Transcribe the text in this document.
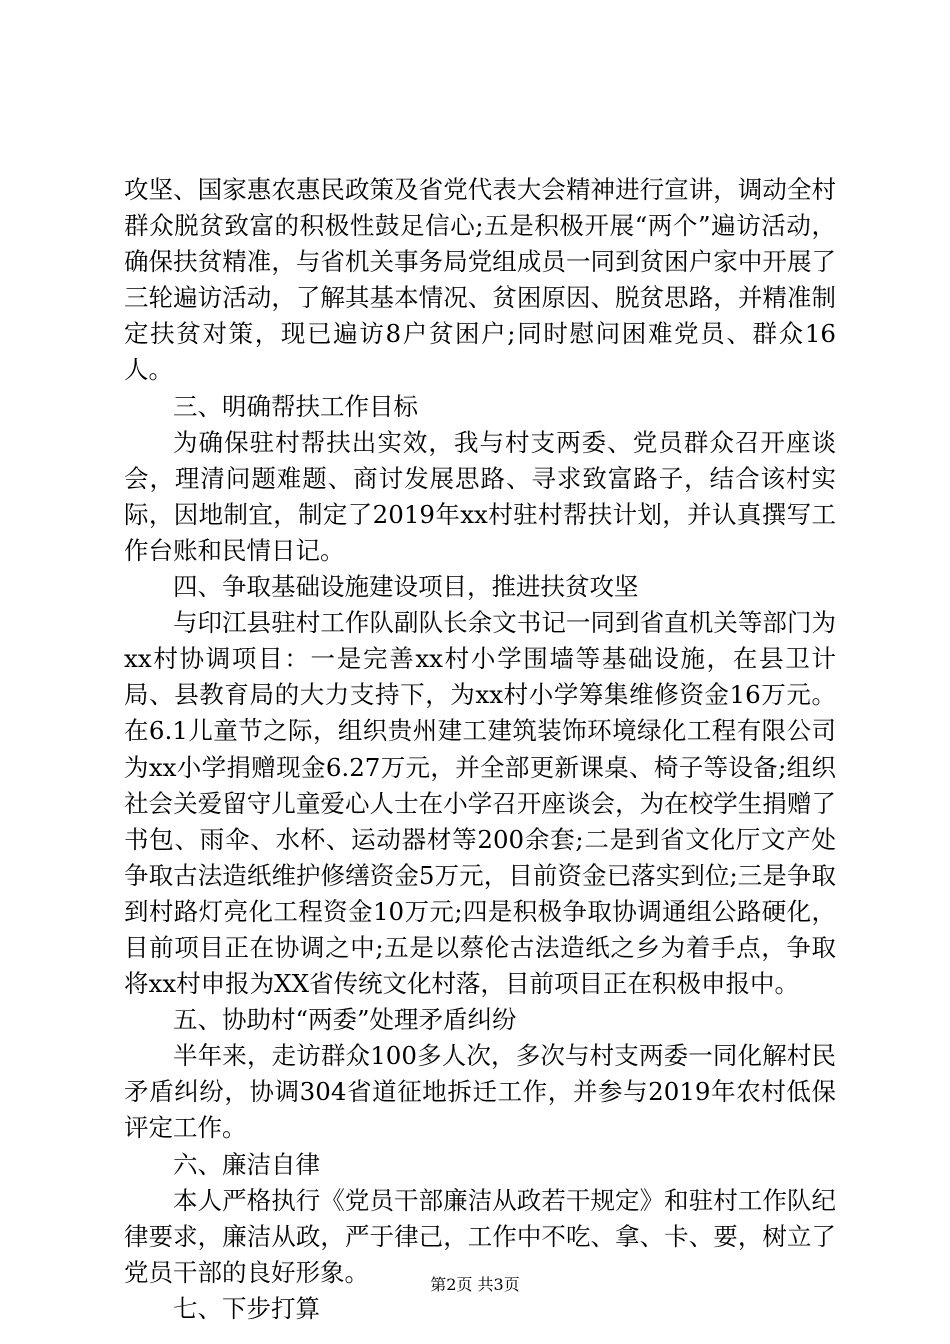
攻坚、国家惠农惠民政策及省党代表大会精神进行宣讲，调动全村群众脱贫致富的积极性鼓足信心;五是积极开展“两个”遍访活动，确保扶贫精准，与省机关事务局党组成员一同到贫困户家中开展了三轮遍访活动，了解其基本情况、贫困原因、脱贫思路，并精准制定扶贫对策，现已遍访8户贫困户;同时慰问困难党员、群众16人。

三、明确帮扶工作目标

为确保驻村帮扶出实效，我与村支两委、党员群众召开座谈会，理清问题难题、商讨发展思路、寻求致富路子，结合该村实际，因地制宜，制定了2019年xx村驻村帮扶计划，并认真撰写工作台账和民情日记。

四、争取基础设施建设项目，推进扶贫攻坚

与印江县驻村工作队副队长余文书记一同到省直机关等部门为xx村协调项目：一是完善xx村小学围墙等基础设施，在县卫计局、县教育局的大力支持下，为xx村小学筹集维修资金16万元。在6.1儿童节之际，组织贵州建工建筑装饰环境绿化工程有限公司为xx小学捐赠现金6.27万元，并全部更新课桌、椅子等设备;组织社会关爱留守儿童爱心人士在小学召开座谈会，为在校学生捐赠了书包、雨伞、水杯、运动器材等200余套;二是到省文化厅文产处争取古法造纸维护修缮资金5万元，目前资金已落实到位;三是争取到村路灯亮化工程资金10万元;四是积极争取协调通组公路硬化，目前项目正在协调之中;五是以蔡伦古法造纸之乡为着手点，争取将xx村申报为XX省传统文化村落，目前项目正在积极申报中。

五、协助村“两委”处理矛盾纠纷

半年来，走访群众100多人次，多次与村支两委一同化解村民矛盾纠纷，协调304省道征地拆迁工作，并参与2019年农村低保评定工作。

六、廉洁自律

本人严格执行《党员干部廉洁从政若干规定》和驻村工作队纪律要求，廉洁从政，严于律己，工作中不吃、拿、卡、要，树立了党员干部的良好形象。

七、下步打算

第2页 共3页
